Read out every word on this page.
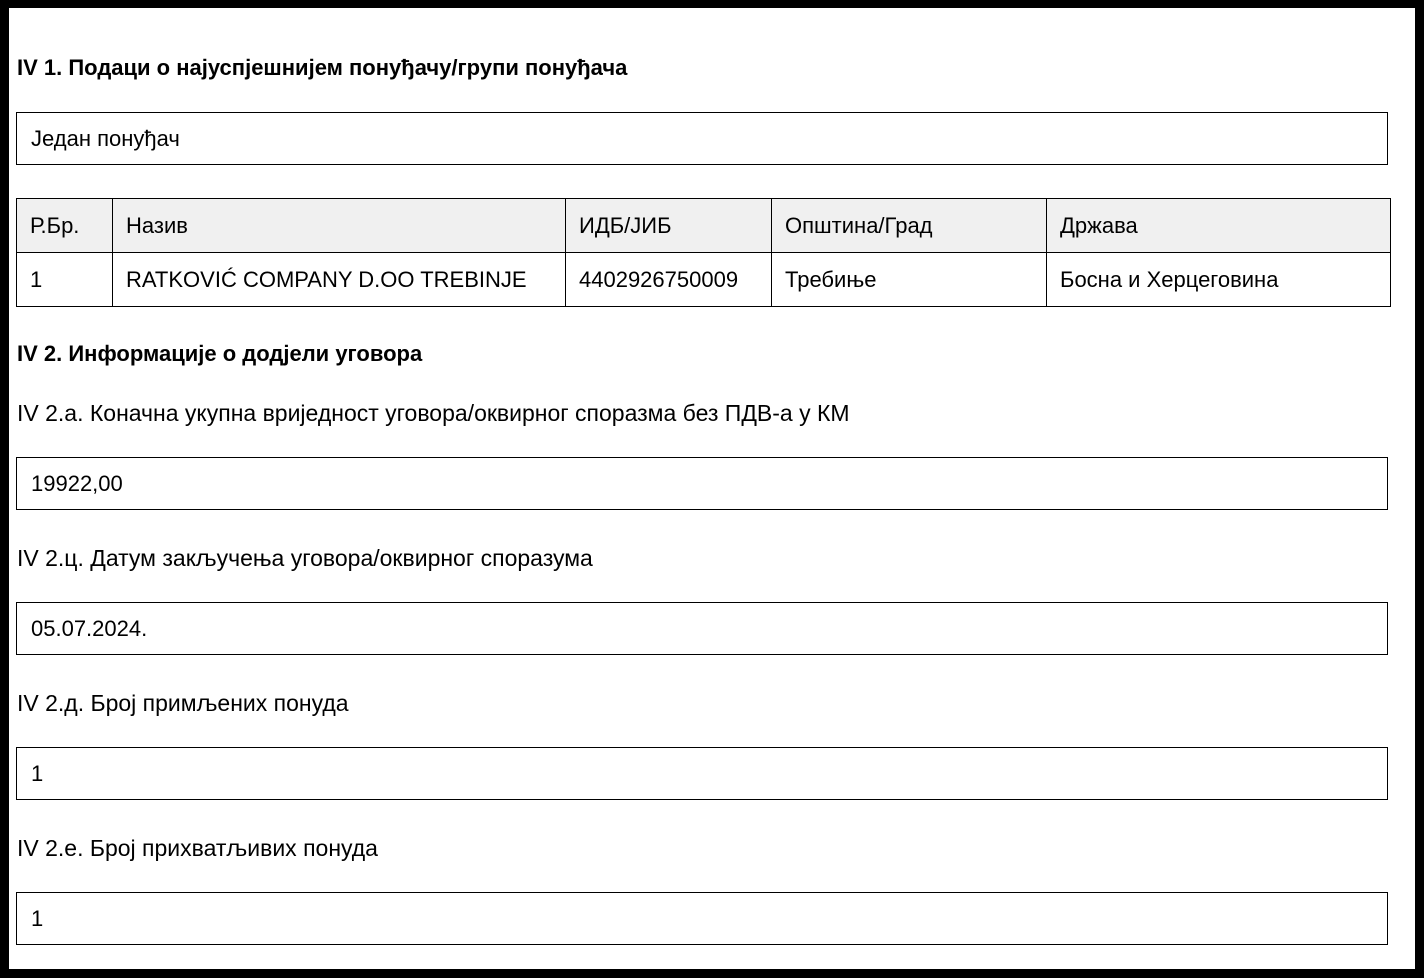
IV 1. Подаци о најуспјешнијем понуђачу/групи понуђача
Један понуђач
Р.Бр.	Назив	ИДБ/ЈИБ	Општина/Град	Држава
1	RATKOVIĆ COMPANY D.OO TREBINJE	4402926750009	Требиње	Босна и Херцеговина
IV 2. Информације о додјели уговора
IV 2.а. Коначна укупна вриједност уговора/оквирног споразма без ПДВ-а у КМ
19922,00
IV 2.ц. Датум закључења уговора/оквирног споразума
05.07.2024.
IV 2.д. Број примљених понуда
1
IV 2.е. Број прихватљивих понуда
1
